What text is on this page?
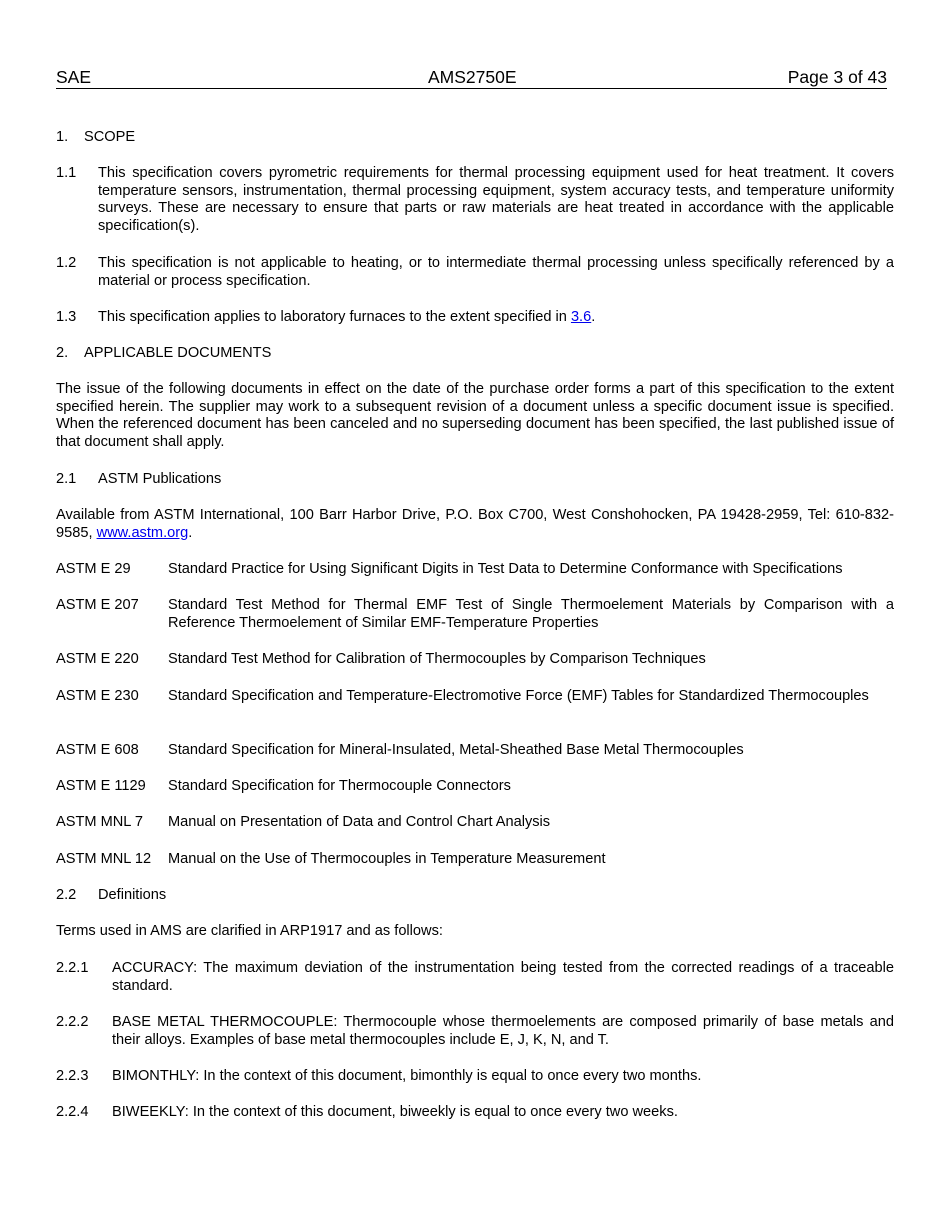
SAE	AMS2750E	Page 3 of 43
1. SCOPE
1.1 This specification covers pyrometric requirements for thermal processing equipment used for heat treatment. It covers temperature sensors, instrumentation, thermal processing equipment, system accuracy tests, and temperature uniformity surveys. These are necessary to ensure that parts or raw materials are heat treated in accordance with the applicable specification(s).
1.2 This specification is not applicable to heating, or to intermediate thermal processing unless specifically referenced by a material or process specification.
1.3 This specification applies to laboratory furnaces to the extent specified in 3.6.
2. APPLICABLE DOCUMENTS
The issue of the following documents in effect on the date of the purchase order forms a part of this specification to the extent specified herein. The supplier may work to a subsequent revision of a document unless a specific document issue is specified. When the referenced document has been canceled and no superseding document has been specified, the last published issue of that document shall apply.
2.1 ASTM Publications
Available from ASTM International, 100 Barr Harbor Drive, P.O. Box C700, West Conshohocken, PA 19428-2959, Tel: 610-832-9585, www.astm.org.
ASTM E 29	Standard Practice for Using Significant Digits in Test Data to Determine Conformance with Specifications
ASTM E 207 Standard Test Method for Thermal EMF Test of Single Thermoelement Materials by Comparison with a Reference Thermoelement of Similar EMF-Temperature Properties
ASTM E 220 Standard Test Method for Calibration of Thermocouples by Comparison Techniques
ASTM E 230 Standard Specification and Temperature-Electromotive Force (EMF) Tables for Standardized Thermocouples
ASTM E 608 Standard Specification for Mineral-Insulated, Metal-Sheathed Base Metal Thermocouples
ASTM E 1129 Standard Specification for Thermocouple Connectors
ASTM MNL 7 Manual on Presentation of Data and Control Chart Analysis
ASTM MNL 12 Manual on the Use of Thermocouples in Temperature Measurement
2.2 Definitions
Terms used in AMS are clarified in ARP1917 and as follows:
2.2.1 ACCURACY: The maximum deviation of the instrumentation being tested from the corrected readings of a traceable standard.
2.2.2 BASE METAL THERMOCOUPLE: Thermocouple whose thermoelements are composed primarily of base metals and their alloys. Examples of base metal thermocouples include E, J, K, N, and T.
2.2.3 BIMONTHLY: In the context of this document, bimonthly is equal to once every two months.
2.2.4 BIWEEKLY: In the context of this document, biweekly is equal to once every two weeks.
